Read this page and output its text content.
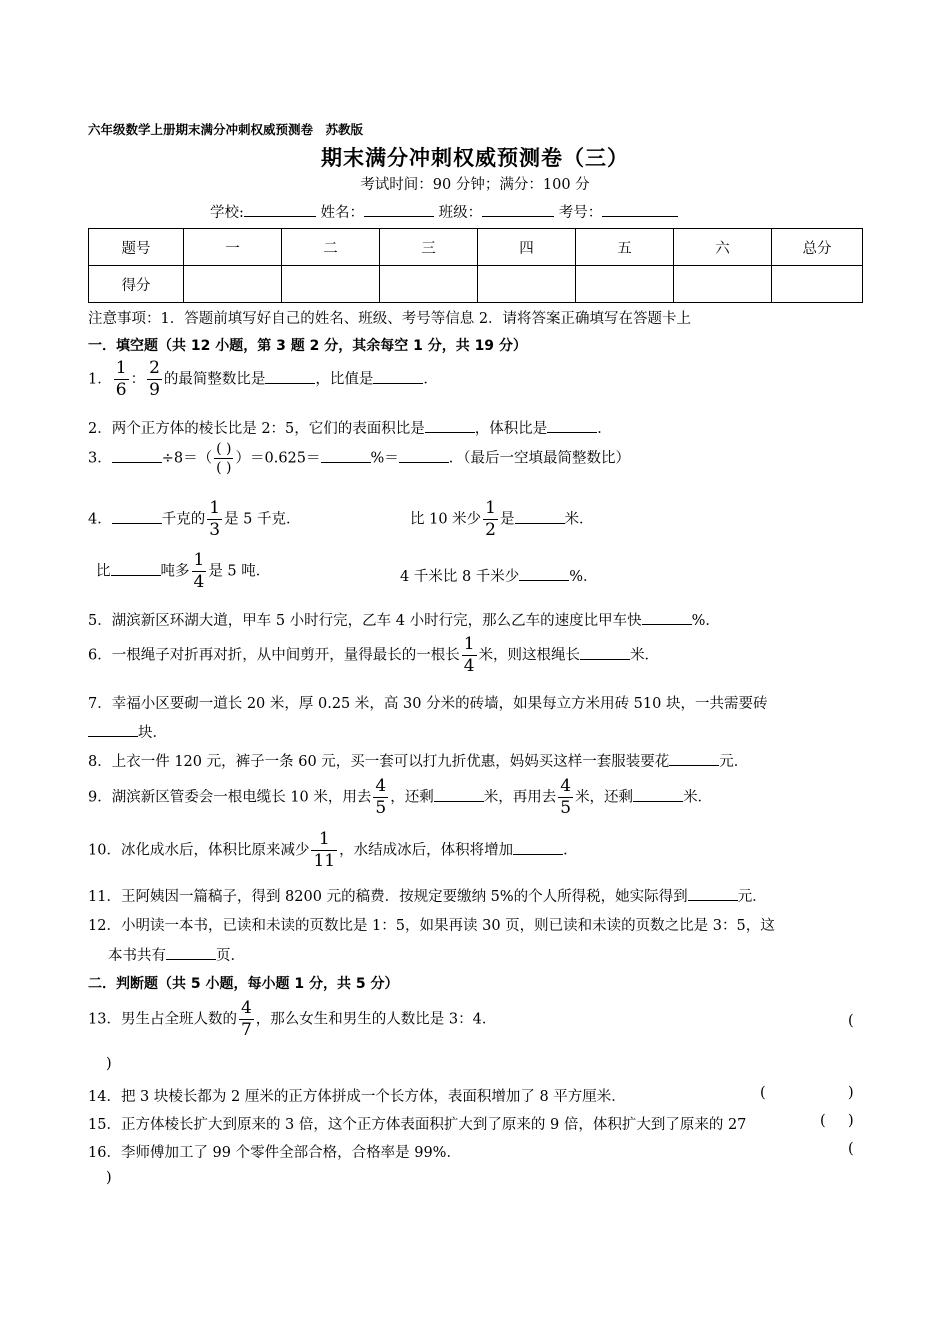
六年级数学上册期末满分冲刺权威预测卷　苏教版
期末满分冲刺权威预测卷（三）
考试时间：90 分钟；满分：100 分
学校:	姓名：	班级：	考号：
题号	一	二	三	四	五	六	总分
得分							
注意事项：1．答题前填写好自己的姓名、班级、考号等信息 2．请将答案正确填写在答题卡上
一．填空题（共 12 小题，第 3 题 2 分，其余每空 1 分，共 19 分）
1． $\frac{1}{6}$ ： $\frac{2}{9}$ 的最简整数比是	，比值是	．
2．两个正方体的棱长比是 2：5，它们的表面积比是	，体积比是	．
3．	$\div 8=( \frac{( )}{( )} )=0.625=$	%＝	．（最后一空填最简整数比）
4．	千克的 $\frac{1}{3}$ 是 5 千克．	比 10 米少 $\frac{1}{2}$ 是	米．
比	吨多 $\frac{1}{4}$ 是 5 吨．	4 千米比 8 千米少	%．
5．湖滨新区环湖大道，甲车 5 小时行完，乙车 4 小时行完，那么乙车的速度比甲车快	%．
6．一根绳子对折再对折，从中间剪开，量得最长的一根长 $\frac{1}{4}$ 米，则这根绳长	米．
7．幸福小区要砌一道长 20 米，厚 0.25 米，高 30 分米的砖墙，如果每立方米用砖 510 块，一共需要砖
块．
8．上衣一件 120 元，裤子一条 60 元，买一套可以打九折优惠，妈妈买这样一套服装要花	元．
9．湖滨新区管委会一根电缆长 10 米，用去 $\frac{4}{5}$ ，还剩	米，再用去 $\frac{4}{5}$ 米，还剩	米．
10．冰化成水后，体积比原来减少 $\frac{1}{11}$ ，水结成冰后，体积将增加	．
11．王阿姨因一篇稿子，得到 8200 元的稿费．按规定要缴纳 5%的个人所得税，她实际得到	元．
12．小明读一本书，已读和未读的页数比是 1：5，如果再读 30 页，则已读和未读的页数之比是 3：5，这
本书共有	页．
二．判断题（共 5 小题，每小题 1 分，共 5 分）
13．男生占全班人数的 $\frac{4}{7}$ ，那么女生和男生的人数比是 3：4．	(
)
14．把 3 块棱长都为 2 厘米的正方体拼成一个长方体，表面积增加了 8 平方厘米．	(	)
15．正方体棱长扩大到原来的 3 倍，这个正方体表面积扩大到了原来的 9 倍，体积扩大到了原来的 27	( )
16．李师傅加工了 99 个零件全部合格，合格率是 99%．	(
)
